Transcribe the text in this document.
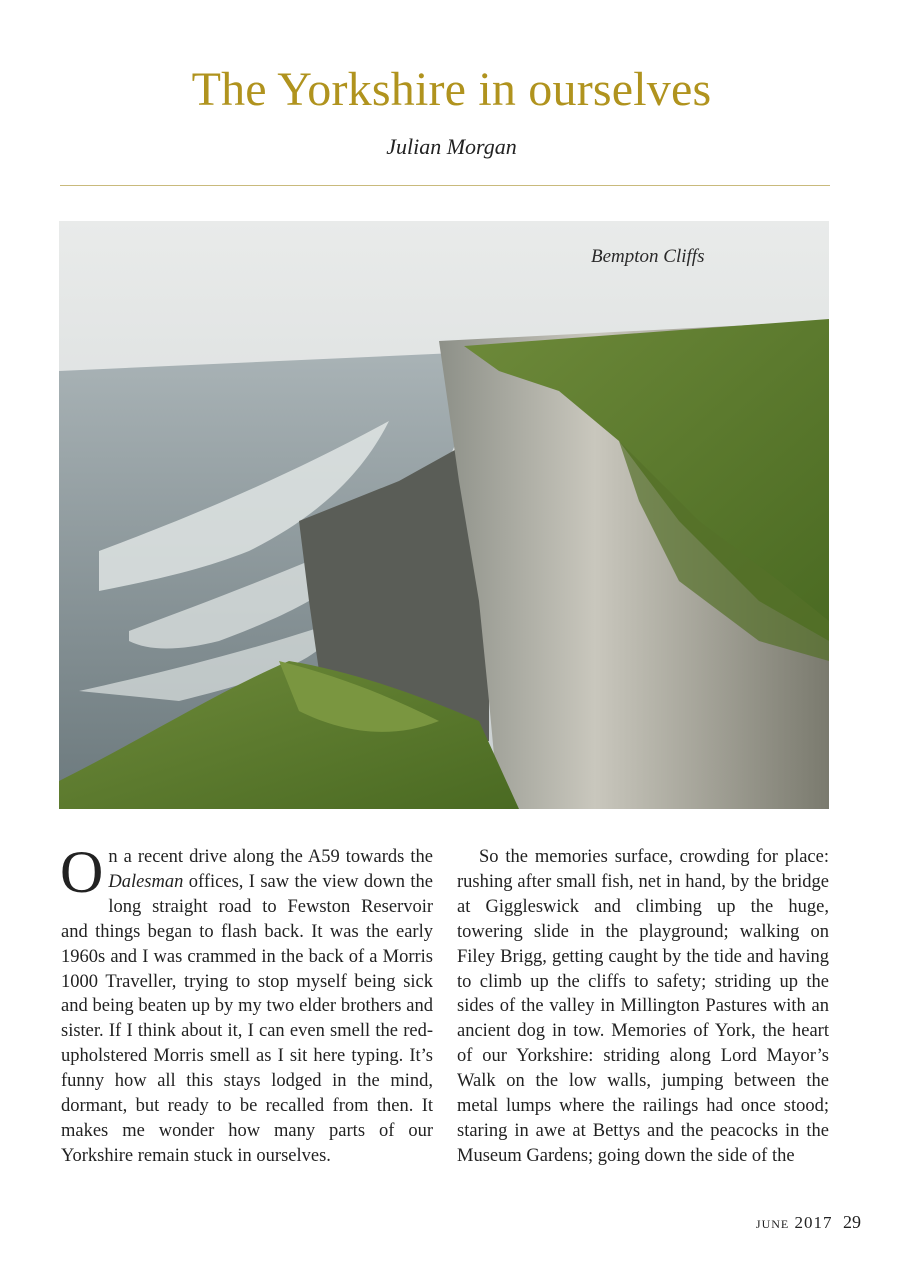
The Yorkshire in ourselves
Julian Morgan
Bempton Cliffs

On a recent drive along the A59 towards the Dalesman offices, I saw the view down the long straight road to Fewston Reservoir and things began to flash back. It was the early 1960s and I was crammed in the back of a Morris 1000 Traveller, trying to stop myself being sick and being beaten up by my two elder brothers and sister. If I think about it, I can even smell the red-upholstered Morris smell as I sit here typing. It’s funny how all this stays lodged in the mind, dormant, but ready to be recalled from then. It makes me wonder how many parts of our Yorkshire remain stuck in ourselves.

So the memories surface, crowding for place: rushing after small fish, net in hand, by the bridge at Giggleswick and climbing up the huge, towering slide in the playground; walking on Filey Brigg, getting caught by the tide and having to climb up the cliffs to safety; striding up the sides of the valley in Millington Pastures with an ancient dog in tow. Memories of York, the heart of our Yorkshire: striding along Lord Mayor’s Walk on the low walls, jumping between the metal lumps where the railings had once stood; staring in awe at Bettys and the peacocks in the Museum Gardens; going down the side of the

june 2017 29
